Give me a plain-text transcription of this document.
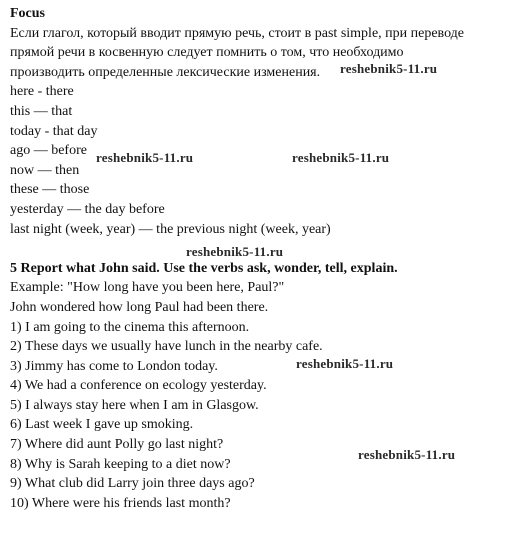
Focus

Если глагол, который вводит прямую речь, стоит в past simple, при переводе

прямой речи в косвенную следует помнить о том, что необходимо

производить определенные лексические изменения.

here - there

this — that

today - that day

ago — before

now — then

these — those

yesterday — the day before

last night (week, year) — the previous night (week, year)

5 Report what John said. Use the verbs ask, wonder, tell, explain.

Example: "How long have you been here, Paul?"

John wondered how long Paul had been there.

1) I am going to the cinema this afternoon.

2) These days we usually have lunch in the nearby cafe.

3) Jimmy has come to London today.

4) We had a conference on ecology yesterday.

5) I always stay here when I am in Glasgow.

6) Last week I gave up smoking.

7) Where did aunt Polly go last night?

8) Why is Sarah keeping to a diet now?

9) What club did Larry join three days ago?

10) Where were his friends last month?

reshebnik5-11.ru
reshebnik5-11.ru	reshebnik5-11.ru
reshebnik5-11.ru
reshebnik5-11.ru
reshebnik5-11.ru
